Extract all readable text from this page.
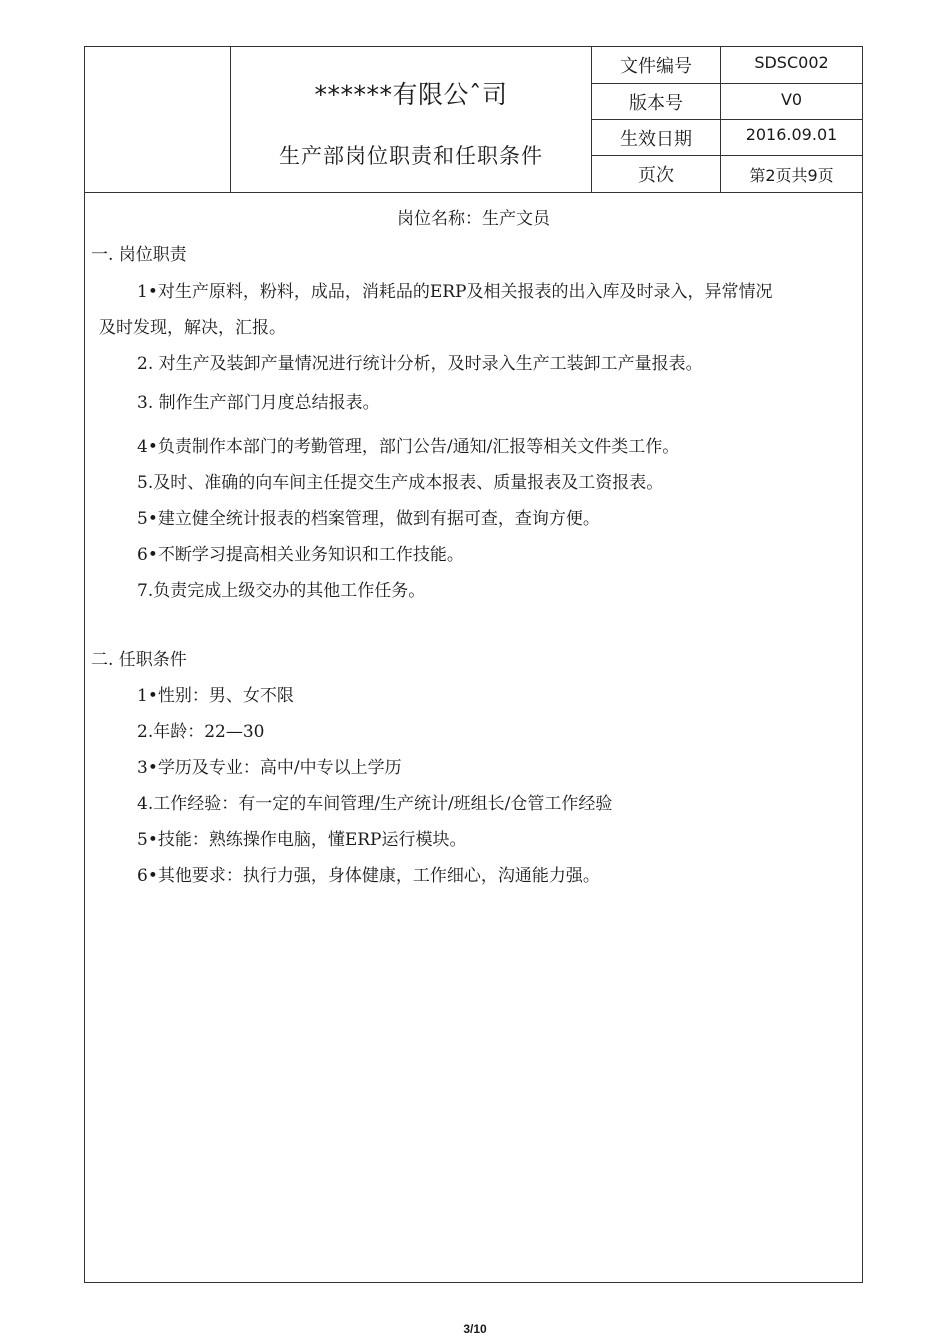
******有限公ˆ司
生产部岗位职责和任职条件
文件编号	SDSC002
版本号	V0
生效日期	2016.09.01
页次	第2页共9页
岗位名称：生产文员
一. 岗位职责
1•对生产原料，粉料，成品，消耗品的ERP及相关报表的出入库及时录入，异常情况
及时发现，解决，汇报。
2. 对生产及装卸产量情况进行统计分析，及时录入生产工装卸工产量报表。
3. 制作生产部门月度总结报表。
4•负责制作本部门的考勤管理，部门公告/通知/汇报等相关文件类工作。
5.及时、准确的向车间主任提交生产成本报表、质量报表及工资报表。
5•建立健全统计报表的档案管理，做到有据可查，查询方便。
6•不断学习提高相关业务知识和工作技能。
7.负责完成上级交办的其他工作任务。
二. 任职条件
1•性别：男、女不限
2.年龄：22—30
3•学历及专业：高中/中专以上学历
4.工作经验：有一定的车间管理/生产统计/班组长/仓管工作经验
5•技能：熟练操作电脑，懂ERP运行模块。
6•其他要求：执行力强，身体健康，工作细心，沟通能力强。
3/10
